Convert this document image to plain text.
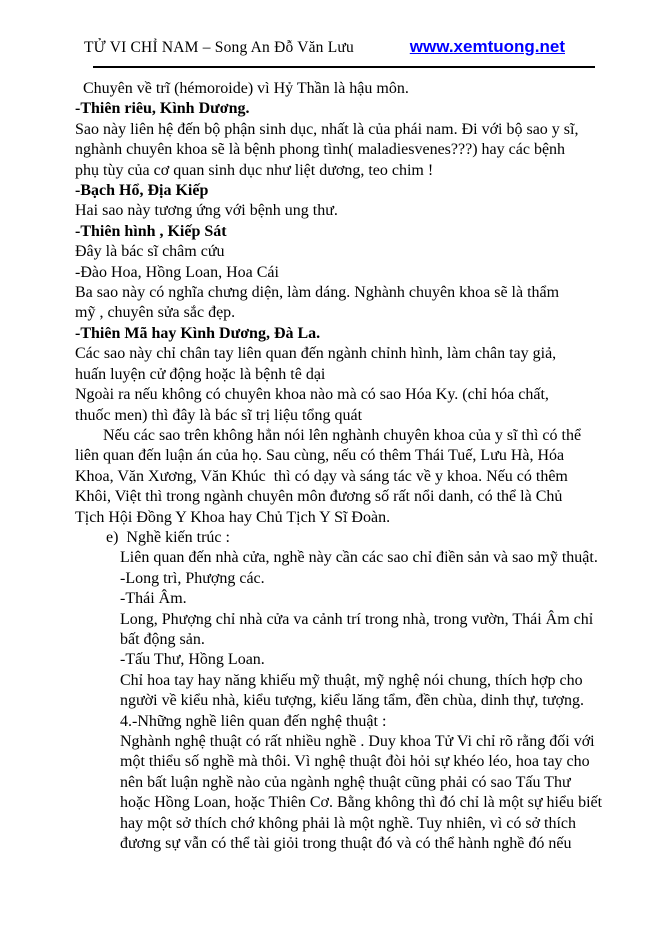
TỬ VI CHỈ NAM – Song An Đỗ Văn Lưu	www.xemtuong.net
Chuyên về trĩ (hémoroide) vì Hỷ Thần là hậu môn.
-Thiên riêu, Kình Dương.
Sao này liên hệ đến bộ phận sinh dục, nhất là của phái nam. Đi với bộ sao y sĩ,
nghành chuyên khoa sẽ là bệnh phong tình( maladiesvenes???) hay các bệnh
phụ tùy của cơ quan sinh dục như liệt dương, teo chim !
-Bạch Hổ, Địa Kiếp
Hai sao này tương ứng với bệnh ung thư.
-Thiên hình , Kiếp Sát
Đây là bác sĩ châm cứu
-Đào Hoa, Hồng Loan, Hoa Cái
Ba sao này có nghĩa chưng diện, làm dáng. Nghành chuyên khoa sẽ là thẩm
mỹ , chuyên sửa sắc đẹp.
-Thiên Mã hay Kình Dương, Đà La.
Các sao này chỉ chân tay liên quan đến ngành chỉnh hình, làm chân tay giả,
huấn luyện cử động hoặc là bệnh tê dại
Ngoài ra nếu không có chuyên khoa nào mà có sao Hóa Ky. (chỉ hóa chất,
thuốc men) thì đây là bác sĩ trị liệu tổng quát
Nếu các sao trên không hẳn nói lên nghành chuyên khoa của y sĩ thì có thể
liên quan đến luận án của họ. Sau cùng, nếu có thêm Thái Tuế, Lưu Hà, Hóa
Khoa, Văn Xương, Văn Khúc  thì có dạy và sáng tác về y khoa. Nếu có thêm
Khôi, Việt thì trong ngành chuyên môn đương số rất nổi danh, có thể là Chủ
Tịch Hội Đồng Y Khoa hay Chủ Tịch Y Sĩ Đoàn.
e)  Nghề kiến trúc :
Liên quan đến nhà cửa, nghề này cần các sao chỉ điền sản và sao mỹ thuật.
-Long trì, Phượng các.
-Thái Âm.
Long, Phượng chỉ nhà cửa va cảnh trí trong nhà, trong vườn, Thái Âm chỉ
bất động sản.
-Tấu Thư, Hồng Loan.
Chỉ hoa tay hay năng khiếu mỹ thuật, mỹ nghệ nói chung, thích hợp cho
người về kiểu nhà, kiểu tượng, kiểu lăng tẩm, đền chùa, dinh thự, tượng.
4.-Những nghề liên quan đến nghệ thuật :
Nghành nghệ thuật có rất nhiều nghề . Duy khoa Tử Vi chỉ rõ rằng đối với
một thiểu số nghề mà thôi. Vì nghệ thuật đòi hỏi sự khéo léo, hoa tay cho
nên bất luận nghề nào của ngành nghệ thuật cũng phải có sao Tấu Thư
hoặc Hồng Loan, hoặc Thiên Cơ. Bằng không thì đó chỉ là một sự hiểu biết
hay một sở thích chớ không phải là một nghề. Tuy nhiên, vì có sở thích
đương sự vẫn có thể tài giỏi trong thuật đó và có thể hành nghề đó nếu
